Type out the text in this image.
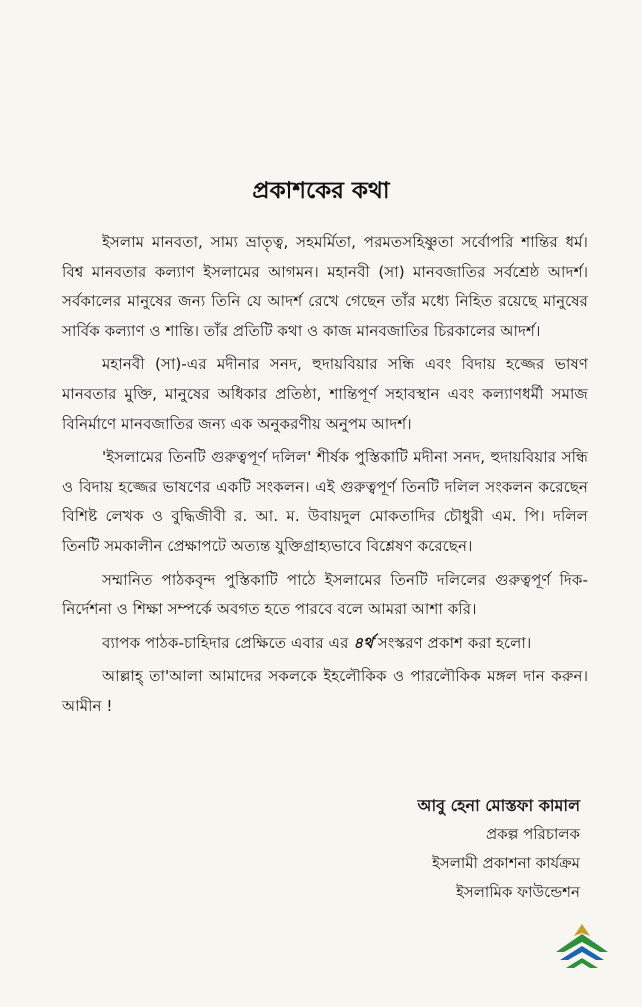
প্রকাশকের কথা

ইসলাম মানবতা, সাম্য ভ্রাতৃত্ব, সহমর্মিতা, পরমতসহিষ্ণুতা সর্বোপরি শান্তির ধর্ম। বিশ্ব মানবতার কল্যাণ ইসলামের আগমন। মহানবী (সা) মানবজাতির সর্বশ্রেষ্ঠ আদর্শ। সর্বকালের মানুষের জন্য তিনি যে আদর্শ রেখে গেছেন তাঁর মধ্যে নিহিত রয়েছে মানুষের সার্বিক কল্যাণ ও শান্তি। তাঁর প্রতিটি কথা ও কাজ মানবজাতির চিরকালের আদর্শ।

মহানবী (সা)-এর মদীনার সনদ, হুদায়বিয়ার সন্ধি এবং বিদায় হজ্জের ভাষণ মানবতার মুক্তি, মানুষের অধিকার প্রতিষ্ঠা, শান্তিপূর্ণ সহাবস্থান এবং কল্যাণধর্মী সমাজ বিনির্মাণে মানবজাতির জন্য এক অনুকরণীয় অনুপম আদর্শ।

'ইসলামের তিনটি গুরুত্বপূর্ণ দলিল' শীর্ষক পুস্তিকাটি মদীনা সনদ, হুদায়বিয়ার সন্ধি ও বিদায় হজ্জের ভাষণের একটি সংকলন। এই গুরুত্বপূর্ণ তিনটি দলিল সংকলন করেছেন বিশিষ্ট লেখক ও বুদ্ধিজীবী র. আ. ম. উবায়দুল মোকতাদির চৌধুরী এম. পি। দলিল তিনটি সমকালীন প্রেক্ষাপটে অত্যন্ত যুক্তিগ্রাহ্যভাবে বিশ্লেষণ করেছেন।

সম্মানিত পাঠকবৃন্দ পুস্তিকাটি পাঠে ইসলামের তিনটি দলিলের গুরুত্বপূর্ণ দিক-নির্দেশনা ও শিক্ষা সম্পর্কে অবগত হতে পারবে বলে আমরা আশা করি।

ব্যাপক পাঠক-চাহিদার প্রেক্ষিতে এবার এর ৪র্থ সংস্করণ প্রকাশ করা হলো।

আল্লাহ্‌ তা'আলা আমাদের সকলকে ইহলৌকিক ও পারলৌকিক মঙ্গল দান করুন। আমীন !

আবু হেনা মোস্তফা কামাল
প্রকল্প পরিচালক
ইসলামী প্রকাশনা কার্যক্রম
ইসলামিক ফাউন্ডেশন
